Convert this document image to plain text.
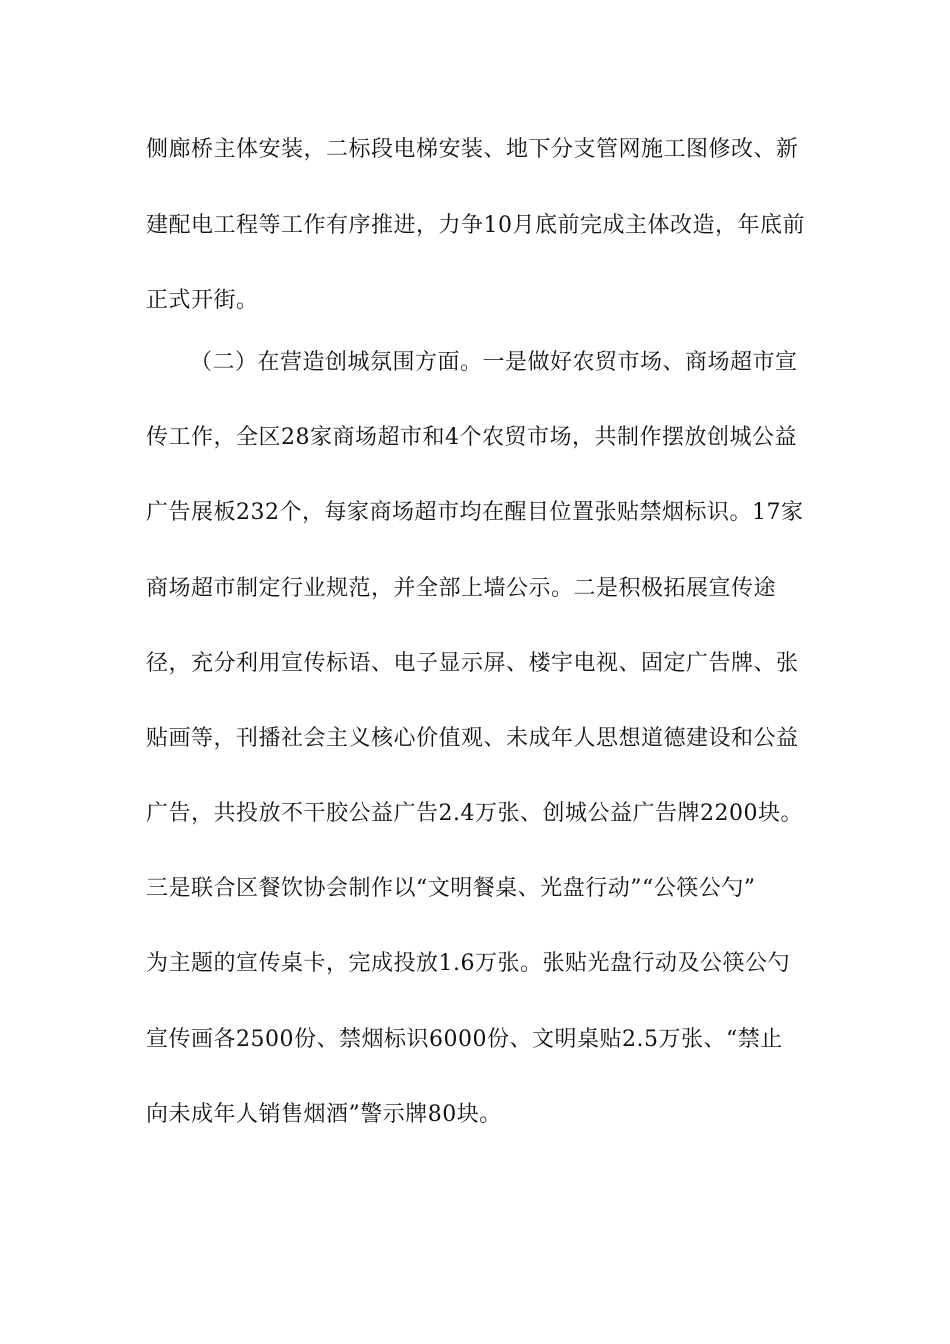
侧廊桥主体安装，二标段电梯安装、地下分支管网施工图修改、新
建配电工程等工作有序推进，力争10月底前完成主体改造，年底前
正式开街。
（二）在营造创城氛围方面。一是做好农贸市场、商场超市宣
传工作，全区28家商场超市和4个农贸市场，共制作摆放创城公益
广告展板232个，每家商场超市均在醒目位置张贴禁烟标识。17家
商场超市制定行业规范，并全部上墙公示。二是积极拓展宣传途
径，充分利用宣传标语、电子显示屏、楼宇电视、固定广告牌、张
贴画等，刊播社会主义核心价值观、未成年人思想道德建设和公益
广告，共投放不干胶公益广告2.4万张、创城公益广告牌2200块。
三是联合区餐饮协会制作以“文明餐桌、光盘行动”“公筷公勺”
为主题的宣传桌卡，完成投放1.6万张。张贴光盘行动及公筷公勺
宣传画各2500份、禁烟标识6000份、文明桌贴2.5万张、“禁止
向未成年人销售烟酒”警示牌80块。
